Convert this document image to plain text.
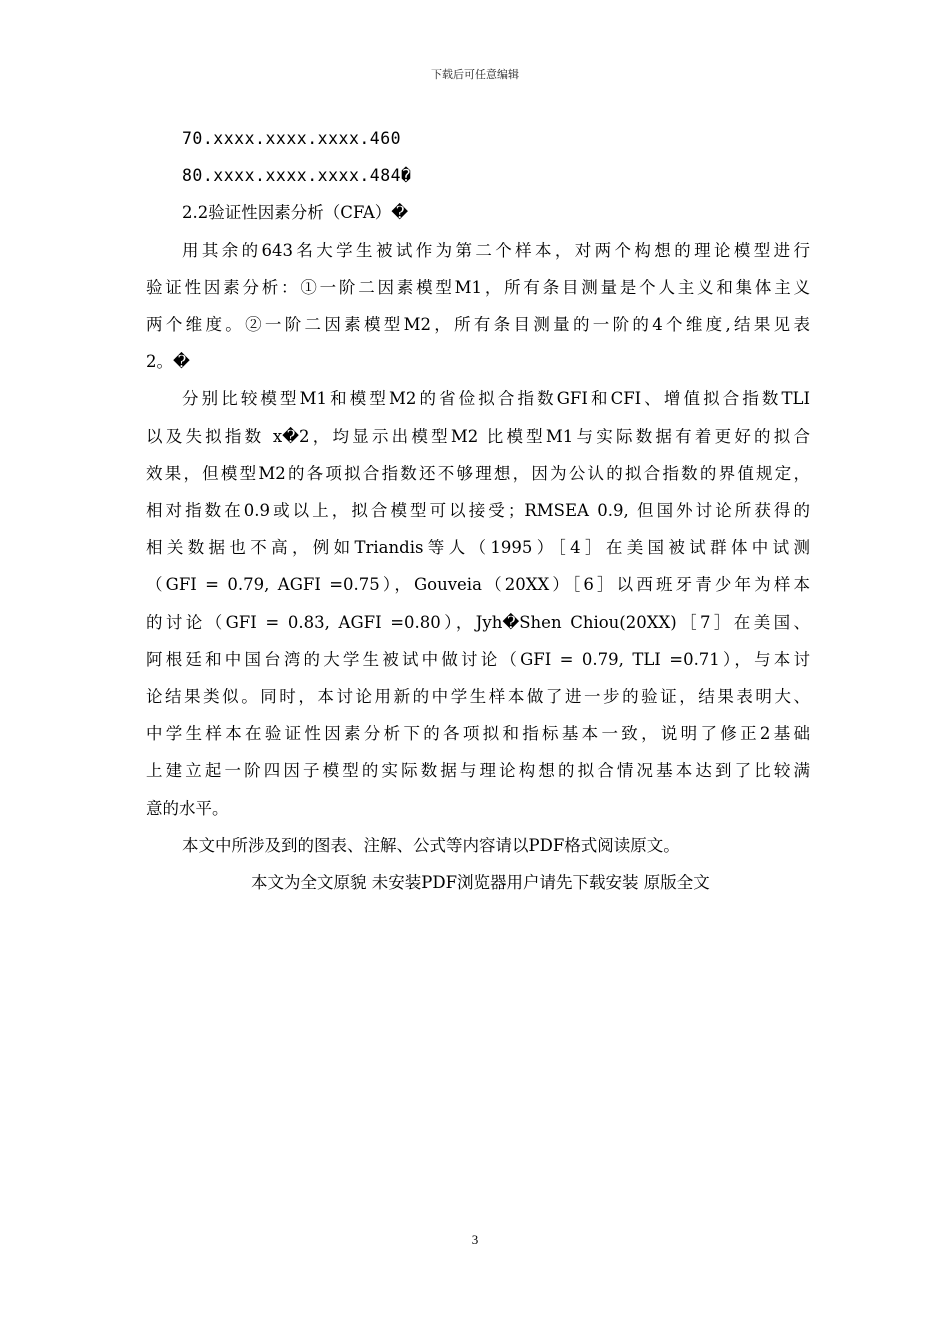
下载后可任意编辑
70.xxxx.xxxx.xxxx.460
80.xxxx.xxxx.xxxx.484�
2.2验证性因素分析（CFA）�
用其余的643名大学生被试作为第二个样本，对两个构想的理论模型进行
验证性因素分析：①一阶二因素模型M1，所有条目测量是个人主义和集体主义
两个维度。②一阶二因素模型M2，所有条目测量的一阶的4个维度,结果见表
2。�
分别比较模型M1和模型M2的省俭拟合指数GFI和CFI、增值拟合指数TLI
以及失拟指数 x�2，均显示出模型M2 比模型M1与实际数据有着更好的拟合
效果，但模型M2的各项拟合指数还不够理想，因为公认的拟合指数的界值规定，
相对指数在0.9或以上，拟合模型可以接受；RMSEA 0.9, 但国外讨论所获得的
相关数据也不高，例如Triandis等人（1995）［4］在美国被试群体中试测
（GFI = 0.79, AGFI =0.75），Gouveia（20XX）［6］以西班牙青少年为样本
的讨论（GFI = 0.83, AGFI =0.80），Jyh�Shen Chiou(20XX)［7］在美国、
阿根廷和中国台湾的大学生被试中做讨论（GFI = 0.79, TLI =0.71），与本讨
论结果类似。同时，本讨论用新的中学生样本做了进一步的验证，结果表明大、
中学生样本在验证性因素分析下的各项拟和指标基本一致，说明了修正2基础
上建立起一阶四因子模型的实际数据与理论构想的拟合情况基本达到了比较满
意的水平。
本文中所涉及到的图表、注解、公式等内容请以PDF格式阅读原文。
本文为全文原貌 未安装PDF浏览器用户请先下载安装 原版全文
3
